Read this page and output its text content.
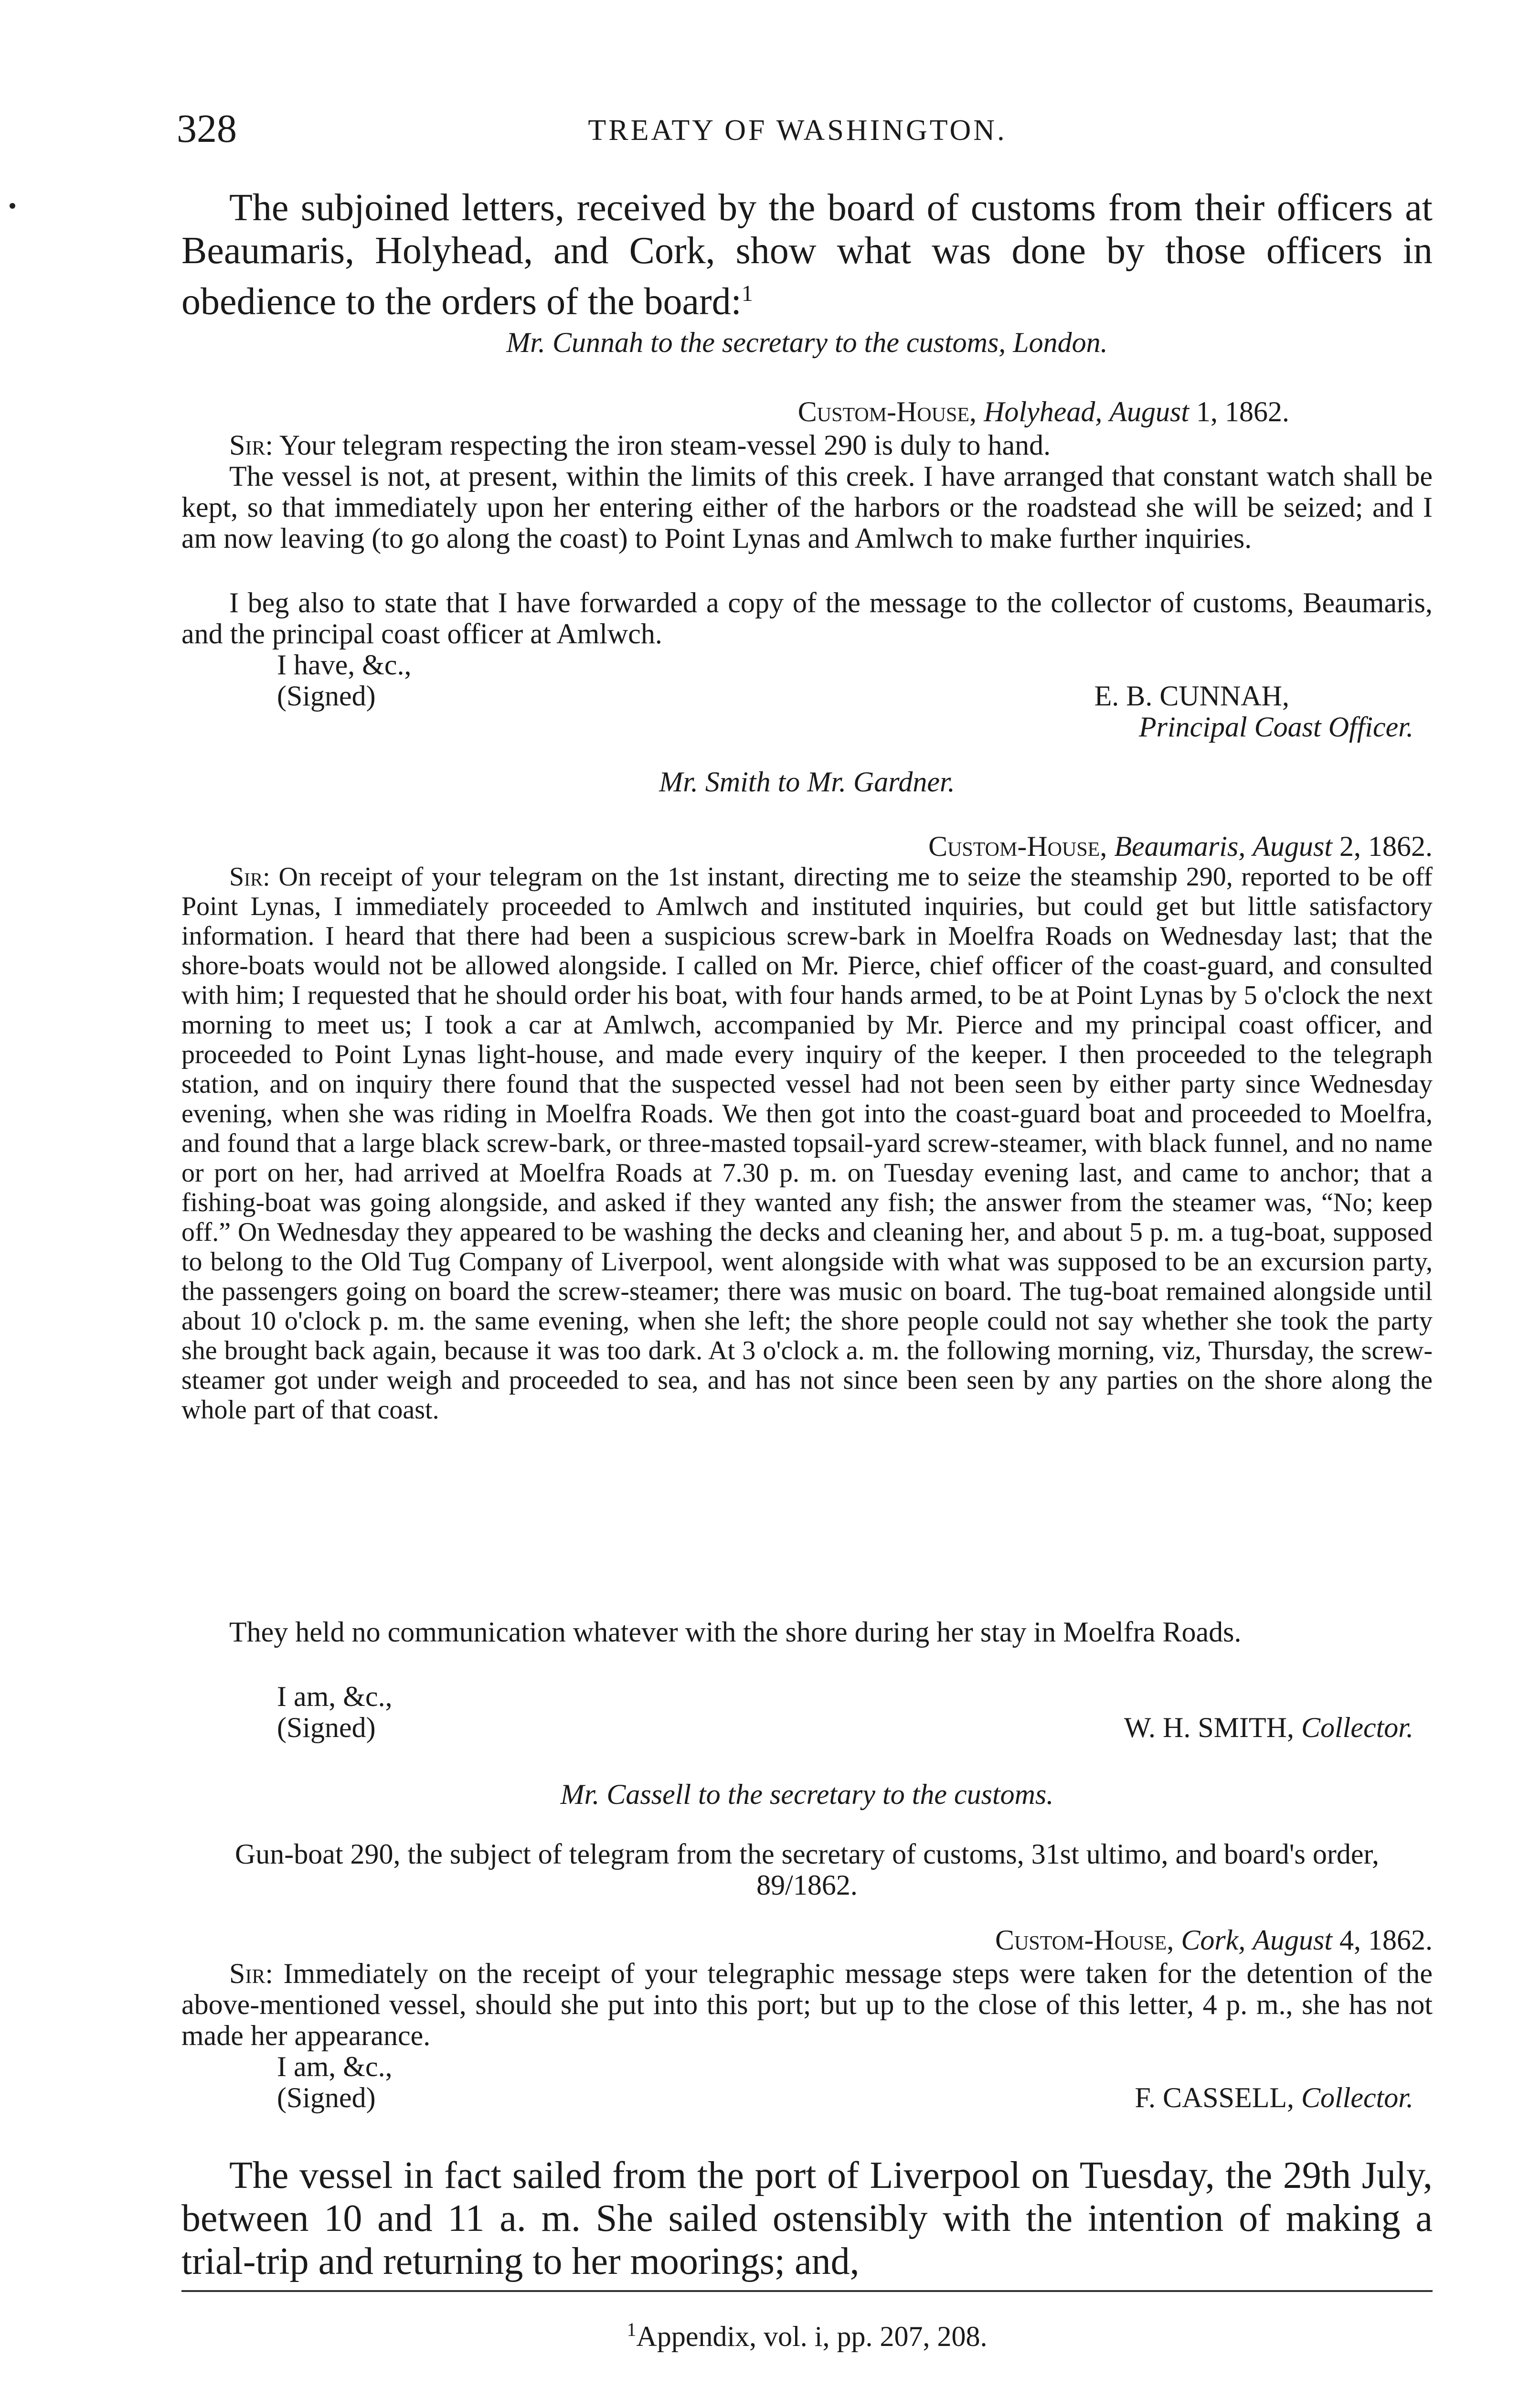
328	TREATY OF WASHINGTON.
The subjoined letters, received by the board of customs from their officers at Beaumaris, Holyhead, and Cork, show what was done by those officers in obedience to the orders of the board:$^1$
Mr. Cunnah to the secretary to the customs, London.
Custom-House, Holyhead, August 1, 1862.
Sir: Your telegram respecting the iron steam-vessel 290 is duly to hand.
The vessel is not, at present, within the limits of this creek. I have arranged that constant watch shall be kept, so that immediately upon her entering either of the harbors or the roadstead she will be seized; and I am now leaving (to go along the coast) to Point Lynas and Amlwch to make further inquiries.
I beg also to state that I have forwarded a copy of the message to the collector of customs, Beaumaris, and the principal coast officer at Amlwch.
I have, &c.,
(Signed)	E. B. CUNNAH,
Principal Coast Officer.
Mr. Smith to Mr. Gardner.
Custom-House, Beaumaris, August 2, 1862.
Sir: On receipt of your telegram on the 1st instant, directing me to seize the steamship 290, reported to be off Point Lynas, I immediately proceeded to Amlwch and instituted inquiries, but could get but little satisfactory information. I heard that there had been a suspicious screw-bark in Moelfra Roads on Wednesday last; that the shore-boats would not be allowed alongside. I called on Mr. Pierce, chief officer of the coast-guard, and consulted with him; I requested that he should order his boat, with four hands armed, to be at Point Lynas by 5 o'clock the next morning to meet us; I took a car at Amlwch, accompanied by Mr. Pierce and my principal coast officer, and proceeded to Point Lynas light-house, and made every inquiry of the keeper. I then proceeded to the telegraph station, and on inquiry there found that the suspected vessel had not been seen by either party since Wednesday evening, when she was riding in Moelfra Roads. We then got into the coast-guard boat and proceeded to Moelfra, and found that a large black screw-bark, or three-masted topsail-yard screw-steamer, with black funnel, and no name or port on her, had arrived at Moelfra Roads at 7.30 p. m. on Tuesday evening last, and came to anchor; that a fishing-boat was going alongside, and asked if they wanted any fish; the answer from the steamer was, “No; keep off.” On Wednesday they appeared to be washing the decks and cleaning her, and about 5 p. m. a tug-boat, supposed to belong to the Old Tug Company of Liverpool, went alongside with what was supposed to be an excursion party, the passengers going on board the screw-steamer; there was music on board. The tug-boat remained alongside until about 10 o'clock p. m. the same evening, when she left; the shore people could not say whether she took the party she brought back again, because it was too dark. At 3 o'clock a. m. the following morning, viz, Thursday, the screw-steamer got under weigh and proceeded to sea, and has not since been seen by any parties on the shore along the whole part of that coast.
They held no communication whatever with the shore during her stay in Moelfra Roads.
I am, &c.,
(Signed)	W. H. SMITH, Collector.
Mr. Cassell to the secretary to the customs.
Gun-boat 290, the subject of telegram from the secretary of customs, 31st ultimo, and board's order, 89/1862.
Custom-House, Cork, August 4, 1862.
Sir: Immediately on the receipt of your telegraphic message steps were taken for the detention of the above-mentioned vessel, should she put into this port; but up to the close of this letter, 4 p. m., she has not made her appearance.
I am, &c.,
(Signed)	F. CASSELL, Collector.
The vessel in fact sailed from the port of Liverpool on Tuesday, the 29th July, between 10 and 11 a. m. She sailed ostensibly with the intention of making a trial-trip and returning to her moorings; and,
$^1$Appendix, vol. i, pp. 207, 208.
